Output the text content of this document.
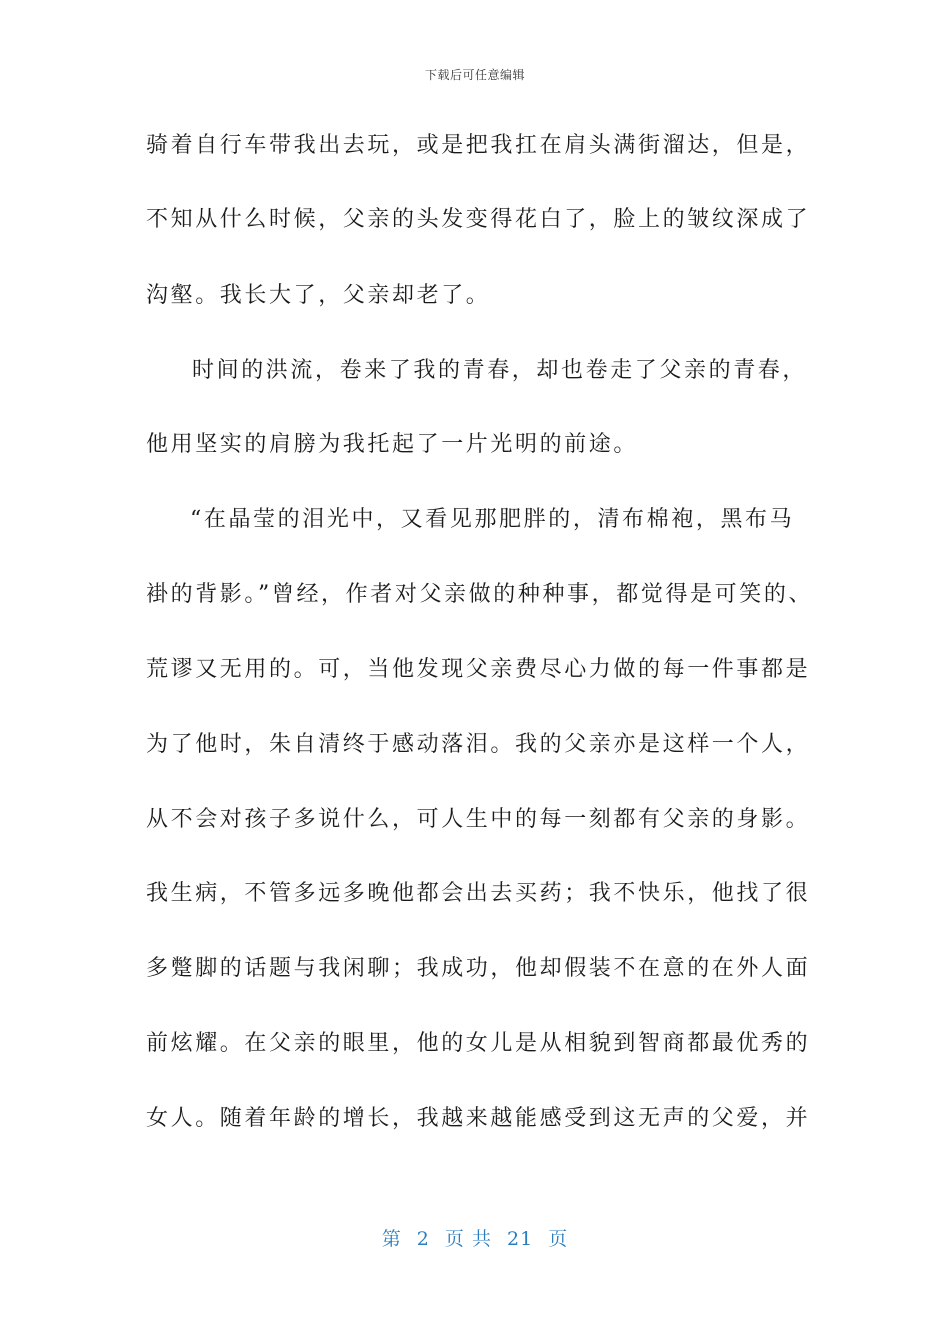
下载后可任意编辑
骑着自行车带我出去玩，或是把我扛在肩头满街溜达，但是，
不知从什么时候，父亲的头发变得花白了，脸上的皱纹深成了
沟壑。我长大了，父亲却老了。
时间的洪流，卷来了我的青春，却也卷走了父亲的青春，
他用坚实的肩膀为我托起了一片光明的前途。
“在晶莹的泪光中，又看见那肥胖的，清布棉袍，黑布马
褂的背影。”曾经，作者对父亲做的种种事，都觉得是可笑的、
荒谬又无用的。可，当他发现父亲费尽心力做的每一件事都是
为了他时，朱自清终于感动落泪。我的父亲亦是这样一个人，
从不会对孩子多说什么，可人生中的每一刻都有父亲的身影。
我生病，不管多远多晚他都会出去买药；我不快乐，他找了很
多蹩脚的话题与我闲聊；我成功，他却假装不在意的在外人面
前炫耀。在父亲的眼里，他的女儿是从相貌到智商都最优秀的
女人。随着年龄的增长，我越来越能感受到这无声的父爱，并
第 2 页 共 21 页
